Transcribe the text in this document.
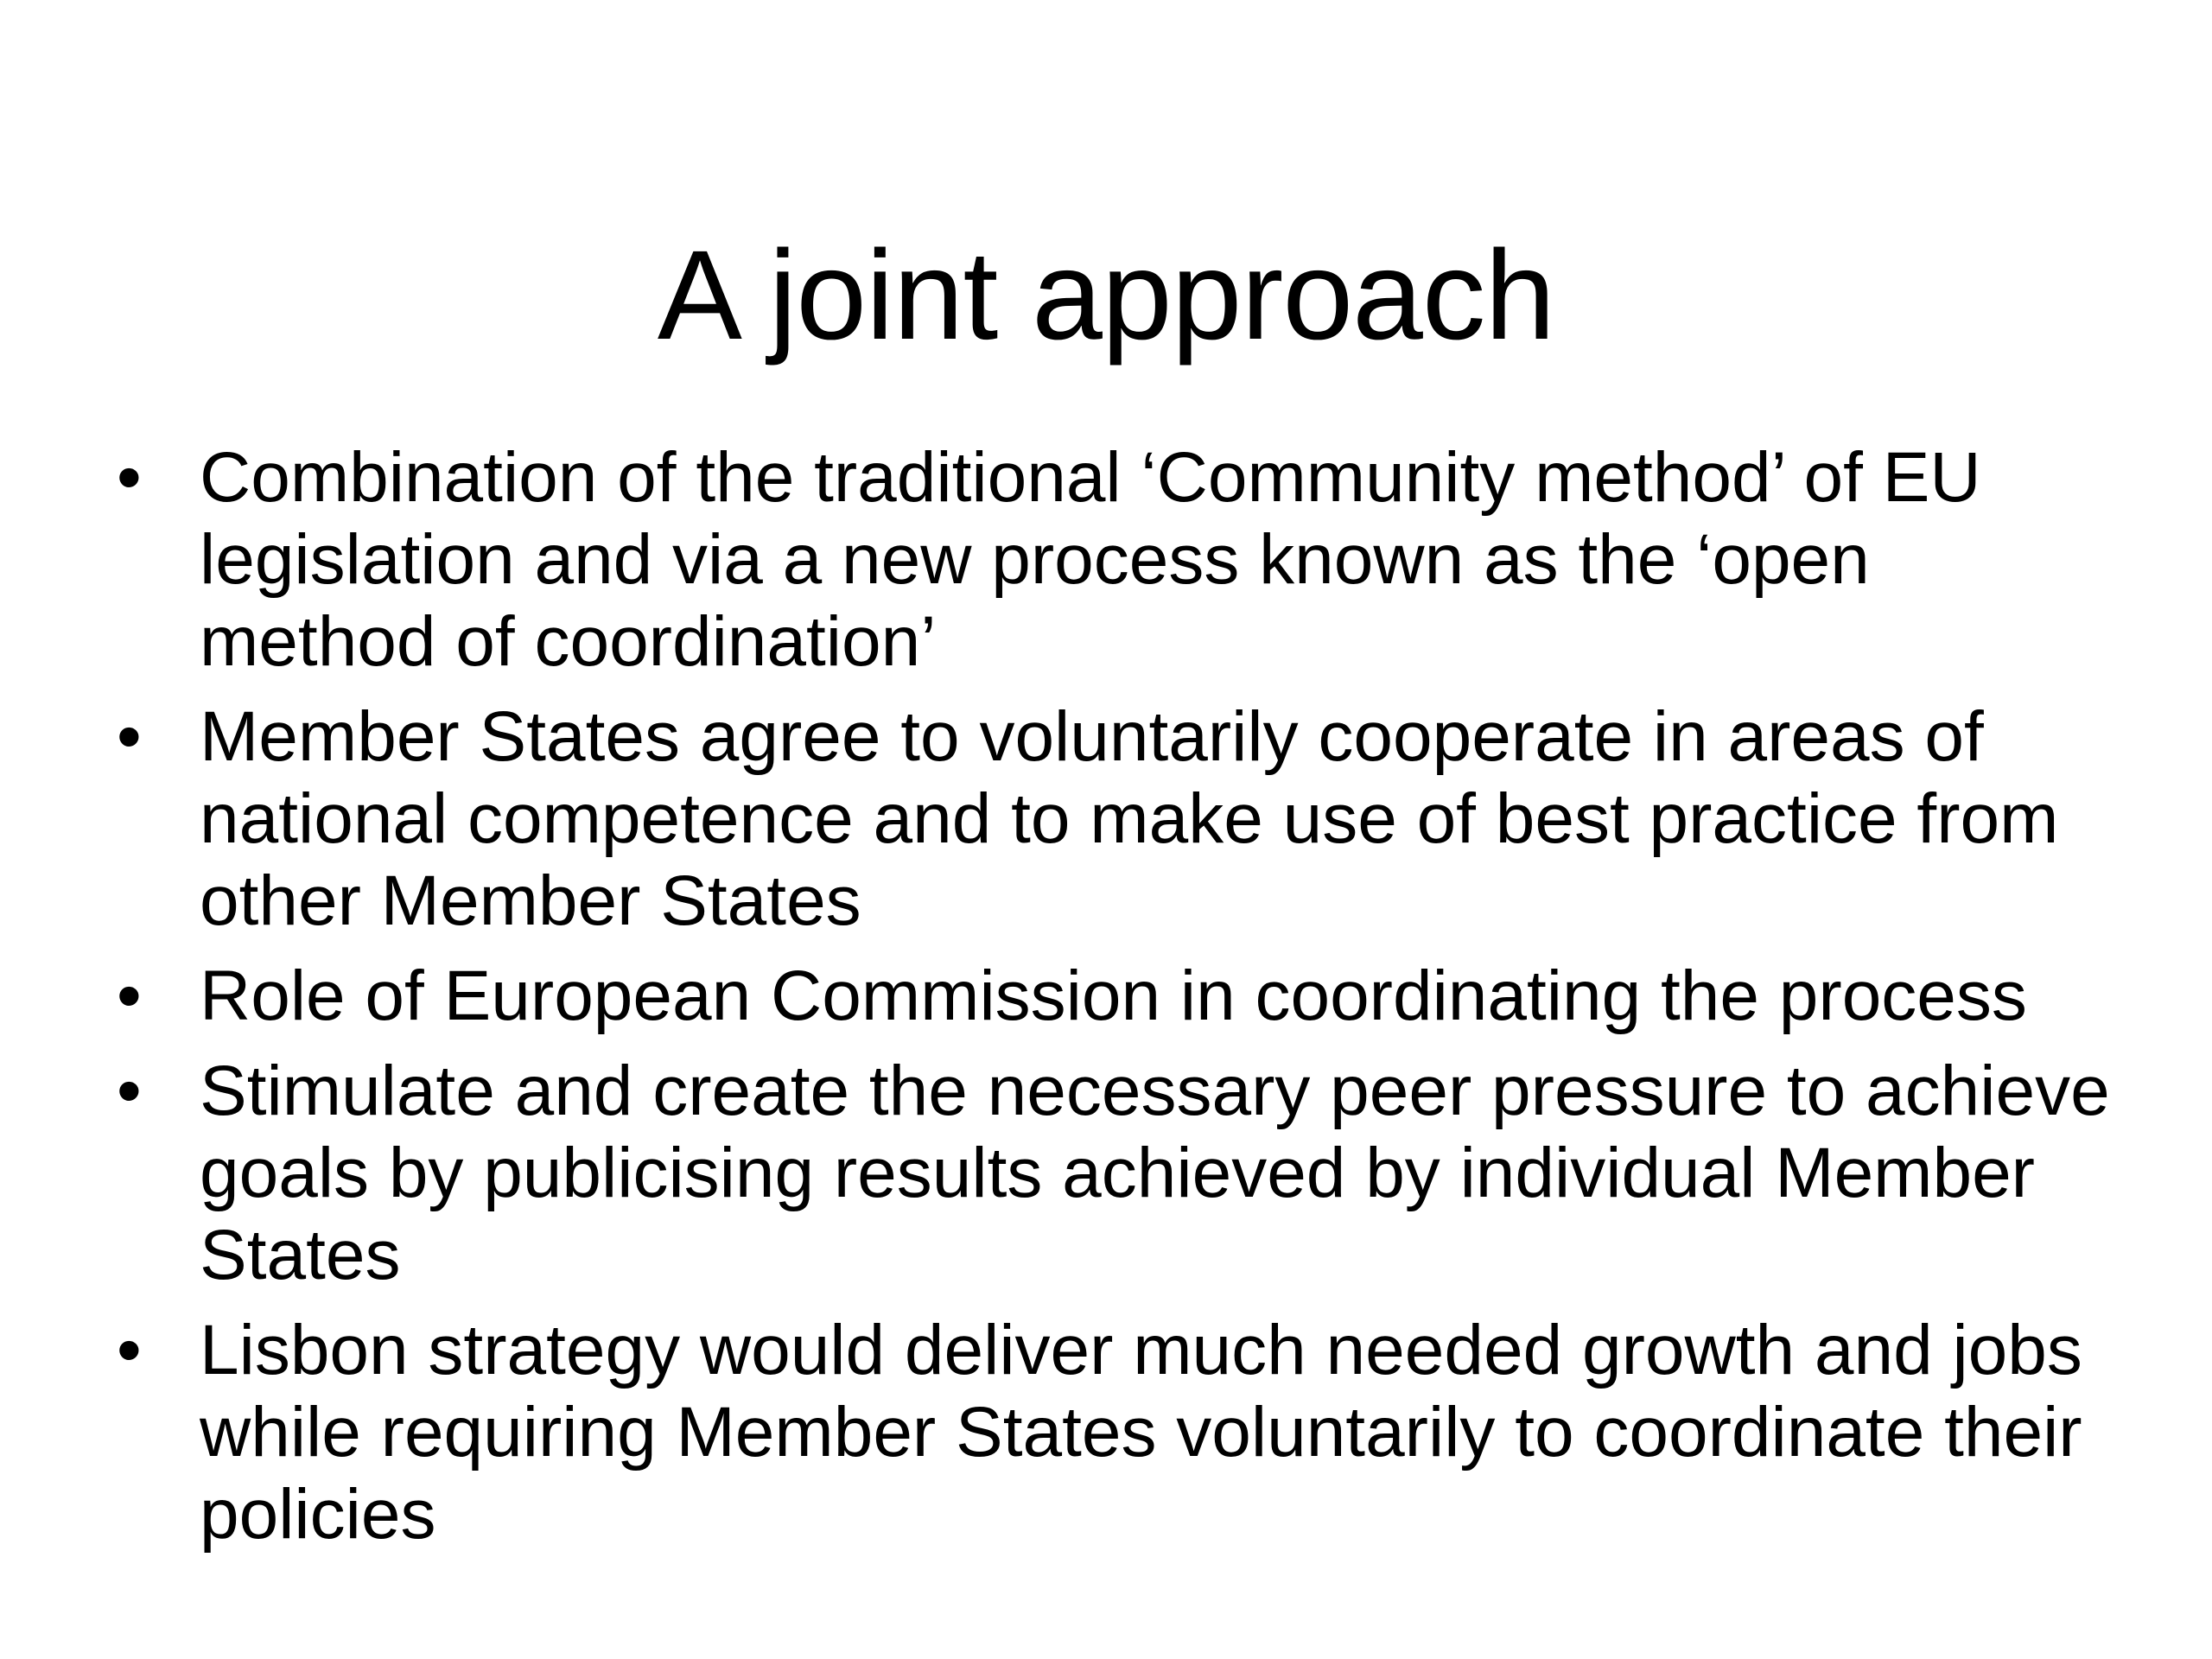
A joint approach
• Combination of the traditional ‘Community method’ of EU legislation and via a new process known as the ‘open method of coordination’
• Member States agree to voluntarily cooperate in areas of national competence and to make use of best practice from other Member States
• Role of European Commission in coordinating the process
• Stimulate and create the necessary peer pressure to achieve goals by publicising results achieved by individual Member States
• Lisbon strategy would deliver much needed growth and jobs while requiring Member States voluntarily to coordinate their policies
